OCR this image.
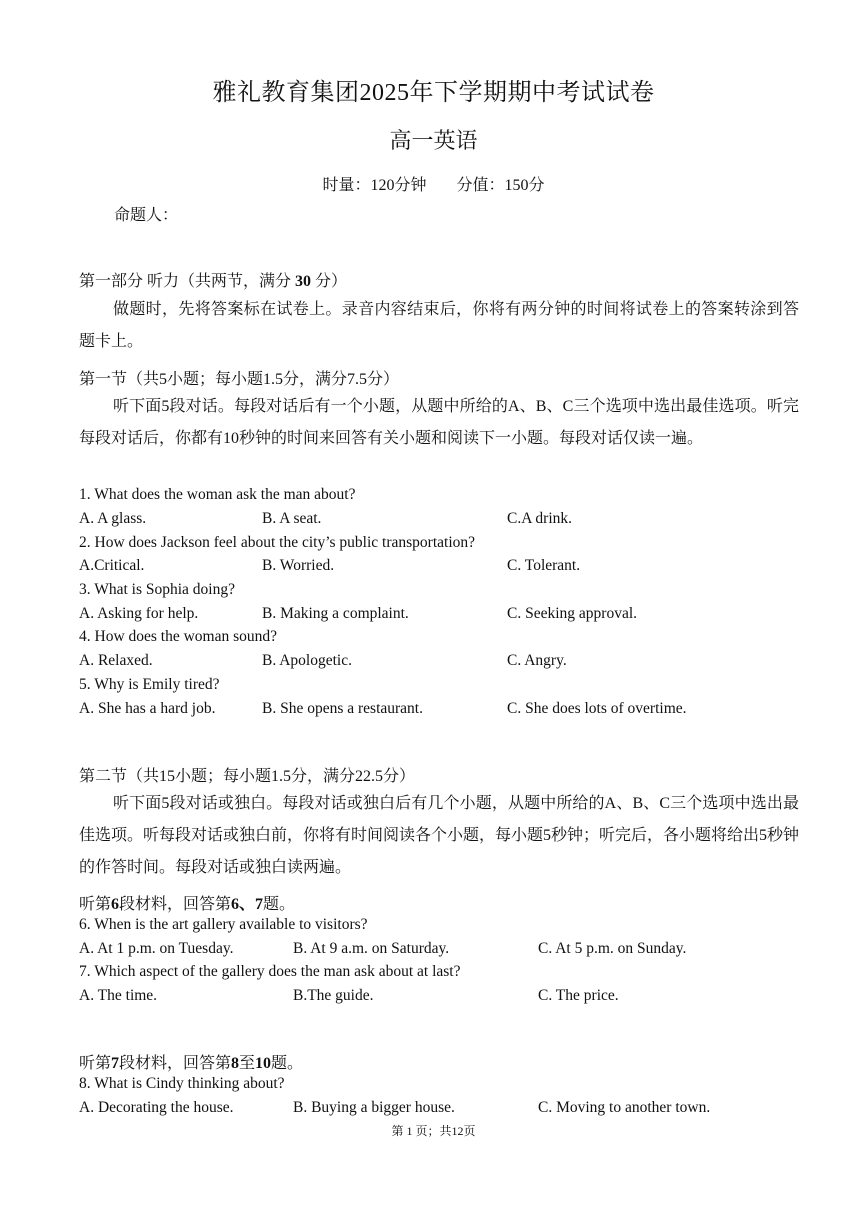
雅礼教育集团2025年下学期期中考试试卷
高一英语
时量：120分钟 分值：150分
命题人：
第一部分 听力（共两节，满分 30 分）
做题时，先将答案标在试卷上。录音内容结束后，你将有两分钟的时间将试卷上的答案转涂到答题卡上。
第一节（共5小题；每小题1.5分，满分7.5分）
听下面5段对话。每段对话后有一个小题，从题中所给的A、B、C三个选项中选出最佳选项。听完每段对话后，你都有10秒钟的时间来回答有关小题和阅读下一小题。每段对话仅读一遍。
1. What does the woman ask the man about?
A. A glass.	B. A seat.	C.A drink.
2. How does Jackson feel about the city’s public transportation?
A.Critical.	B. Worried.	C. Tolerant.
3. What is Sophia doing?
A. Asking for help.	B. Making a complaint.	C. Seeking approval.
4. How does the woman sound?
A. Relaxed.	B. Apologetic.	C. Angry.
5. Why is Emily tired?
A. She has a hard job.	B. She opens a restaurant.	C. She does lots of overtime.
第二节（共15小题；每小题1.5分，满分22.5分）
听下面5段对话或独白。每段对话或独白后有几个小题，从题中所给的A、B、C三个选项中选出最佳选项。听每段对话或独白前，你将有时间阅读各个小题，每小题5秒钟；听完后，各小题将给出5秒钟的作答时间。每段对话或独白读两遍。
听第6段材料，回答第6、7题。
6. When is the art gallery available to visitors?
A. At 1 p.m. on Tuesday.	B. At 9 a.m. on Saturday.	C. At 5 p.m. on Sunday.
7. Which aspect of the gallery does the man ask about at last?
A. The time.	B.The guide.	C. The price.
听第7段材料，回答第8至10题。
8. What is Cindy thinking about?
A. Decorating the house.	B. Buying a bigger house.	C. Moving to another town.
第 1 页；共12页
